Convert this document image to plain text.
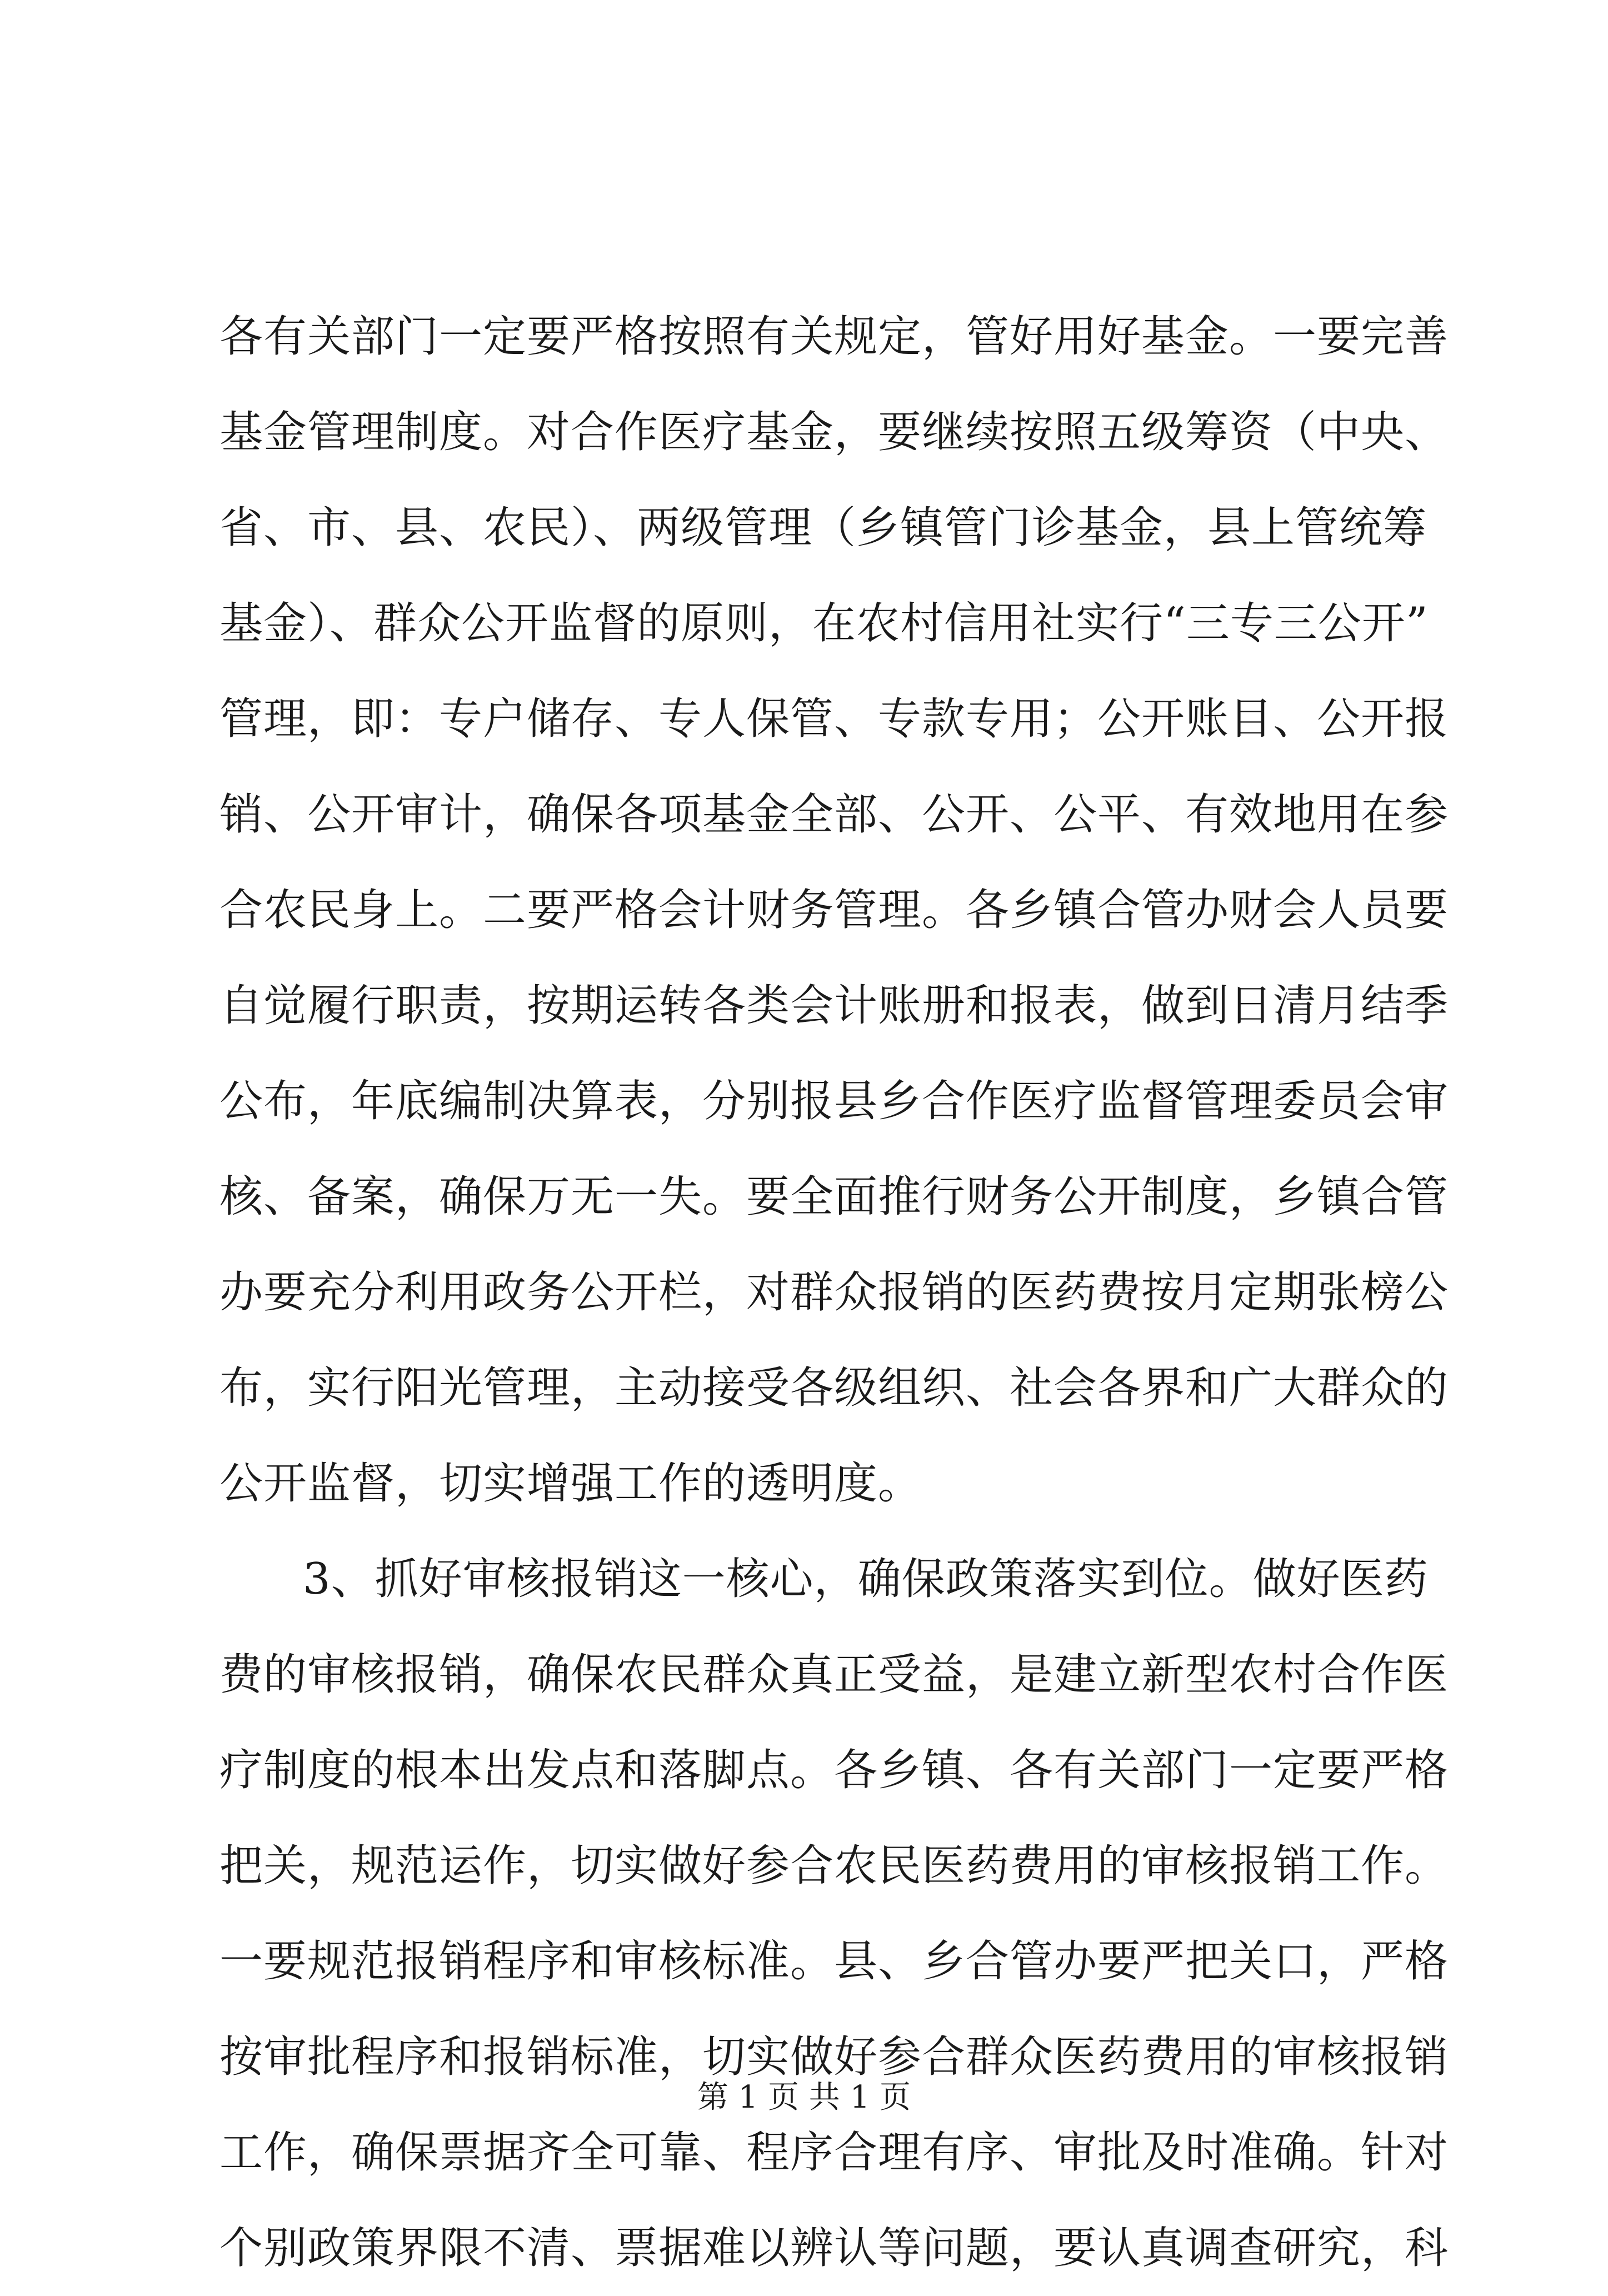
各有关部门一定要严格按照有关规定，管好用好基金。一要完善
基金管理制度。对合作医疗基金，要继续按照五级筹资（中央、
省、市、县、农民）、两级管理（乡镇管门诊基金，县上管统筹
基金）、群众公开监督的原则，在农村信用社实行“三专三公开”
管理，即：专户储存、专人保管、专款专用；公开账目、公开报
销、公开审计，确保各项基金全部、公开、公平、有效地用在参
合农民身上。二要严格会计财务管理。各乡镇合管办财会人员要
自觉履行职责，按期运转各类会计账册和报表，做到日清月结季
公布，年底编制决算表，分别报县乡合作医疗监督管理委员会审
核、备案，确保万无一失。要全面推行财务公开制度，乡镇合管
办要充分利用政务公开栏，对群众报销的医药费按月定期张榜公
布，实行阳光管理，主动接受各级组织、社会各界和广大群众的
公开监督，切实增强工作的透明度。
3、抓好审核报销这一核心，确保政策落实到位。做好医药
费的审核报销，确保农民群众真正受益，是建立新型农村合作医
疗制度的根本出发点和落脚点。各乡镇、各有关部门一定要严格
把关，规范运作，切实做好参合农民医药费用的审核报销工作。
一要规范报销程序和审核标准。县、乡合管办要严把关口，严格
按审批程序和报销标准，切实做好参合群众医药费用的审核报销
工作，确保票据齐全可靠、程序合理有序、审批及时准确。针对
个别政策界限不清、票据难以辨认等问题，要认真调查研究，科
第 1 页 共 1 页
